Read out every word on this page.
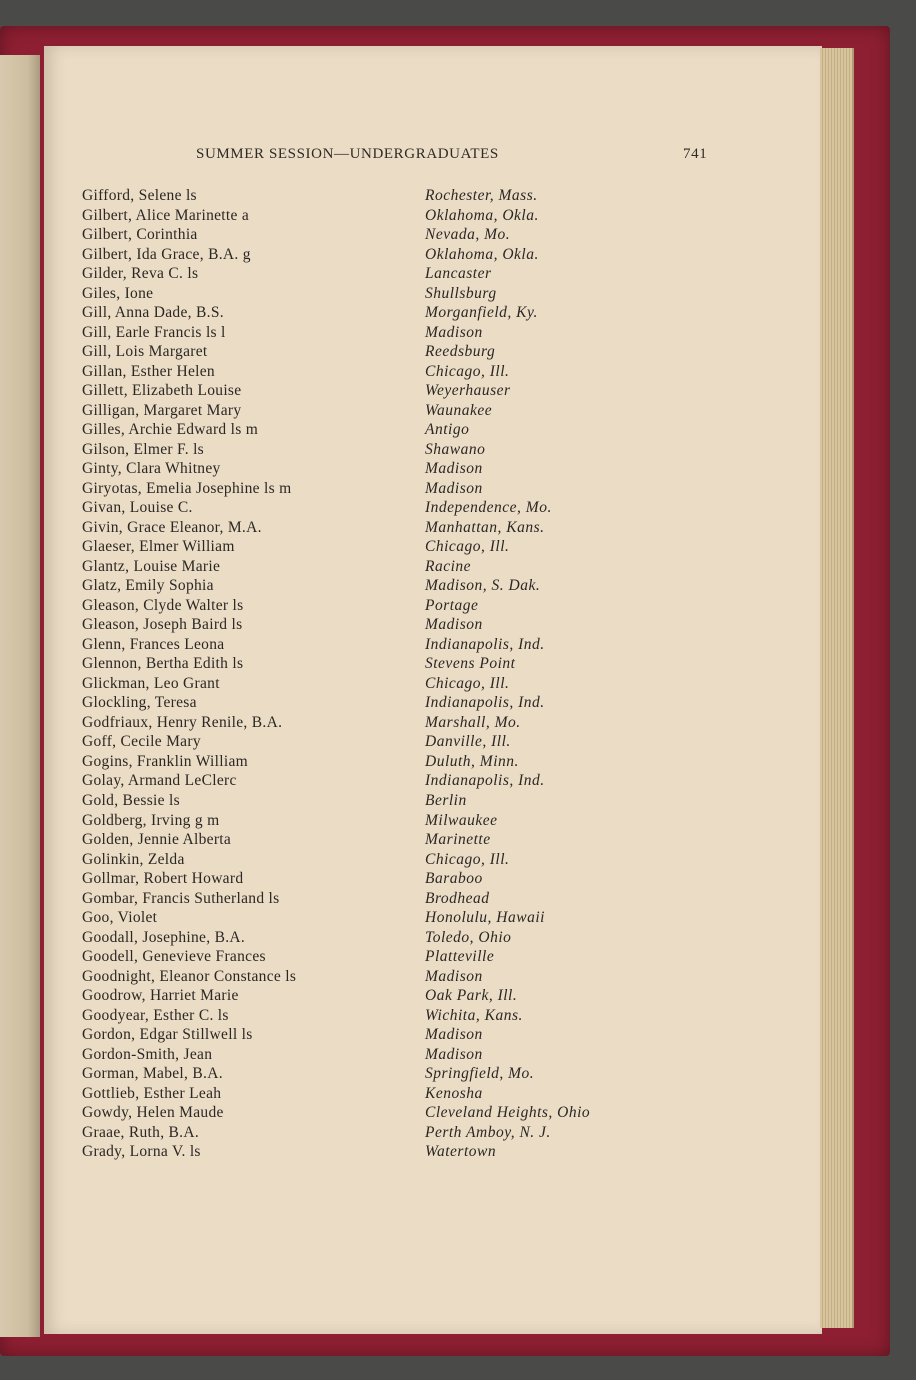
SUMMER SESSION—UNDERGRADUATES	741
Gifford, Selene ls	Rochester, Mass.
Gilbert, Alice Marinette a	Oklahoma, Okla.
Gilbert, Corinthia	Nevada, Mo.
Gilbert, Ida Grace, B.A. g	Oklahoma, Okla.
Gilder, Reva C. ls	Lancaster
Giles, Ione	Shullsburg
Gill, Anna Dade, B.S.	Morganfield, Ky.
Gill, Earle Francis ls l	Madison
Gill, Lois Margaret	Reedsburg
Gillan, Esther Helen	Chicago, Ill.
Gillett, Elizabeth Louise	Weyerhauser
Gilligan, Margaret Mary	Waunakee
Gilles, Archie Edward ls m	Antigo
Gilson, Elmer F. ls	Shawano
Ginty, Clara Whitney	Madison
Giryotas, Emelia Josephine ls m	Madison
Givan, Louise C.	Independence, Mo.
Givin, Grace Eleanor, M.A.	Manhattan, Kans.
Glaeser, Elmer William	Chicago, Ill.
Glantz, Louise Marie	Racine
Glatz, Emily Sophia	Madison, S. Dak.
Gleason, Clyde Walter ls	Portage
Gleason, Joseph Baird ls	Madison
Glenn, Frances Leona	Indianapolis, Ind.
Glennon, Bertha Edith ls	Stevens Point
Glickman, Leo Grant	Chicago, Ill.
Glockling, Teresa	Indianapolis, Ind.
Godfriaux, Henry Renile, B.A.	Marshall, Mo.
Goff, Cecile Mary	Danville, Ill.
Gogins, Franklin William	Duluth, Minn.
Golay, Armand LeClerc	Indianapolis, Ind.
Gold, Bessie ls	Berlin
Goldberg, Irving g m	Milwaukee
Golden, Jennie Alberta	Marinette
Golinkin, Zelda	Chicago, Ill.
Gollmar, Robert Howard	Baraboo
Gombar, Francis Sutherland ls	Brodhead
Goo, Violet	Honolulu, Hawaii
Goodall, Josephine, B.A.	Toledo, Ohio
Goodell, Genevieve Frances	Platteville
Goodnight, Eleanor Constance ls	Madison
Goodrow, Harriet Marie	Oak Park, Ill.
Goodyear, Esther C. ls	Wichita, Kans.
Gordon, Edgar Stillwell ls	Madison
Gordon-Smith, Jean	Madison
Gorman, Mabel, B.A.	Springfield, Mo.
Gottlieb, Esther Leah	Kenosha
Gowdy, Helen Maude	Cleveland Heights, Ohio
Graae, Ruth, B.A.	Perth Amboy, N. J.
Grady, Lorna V. ls	Watertown
